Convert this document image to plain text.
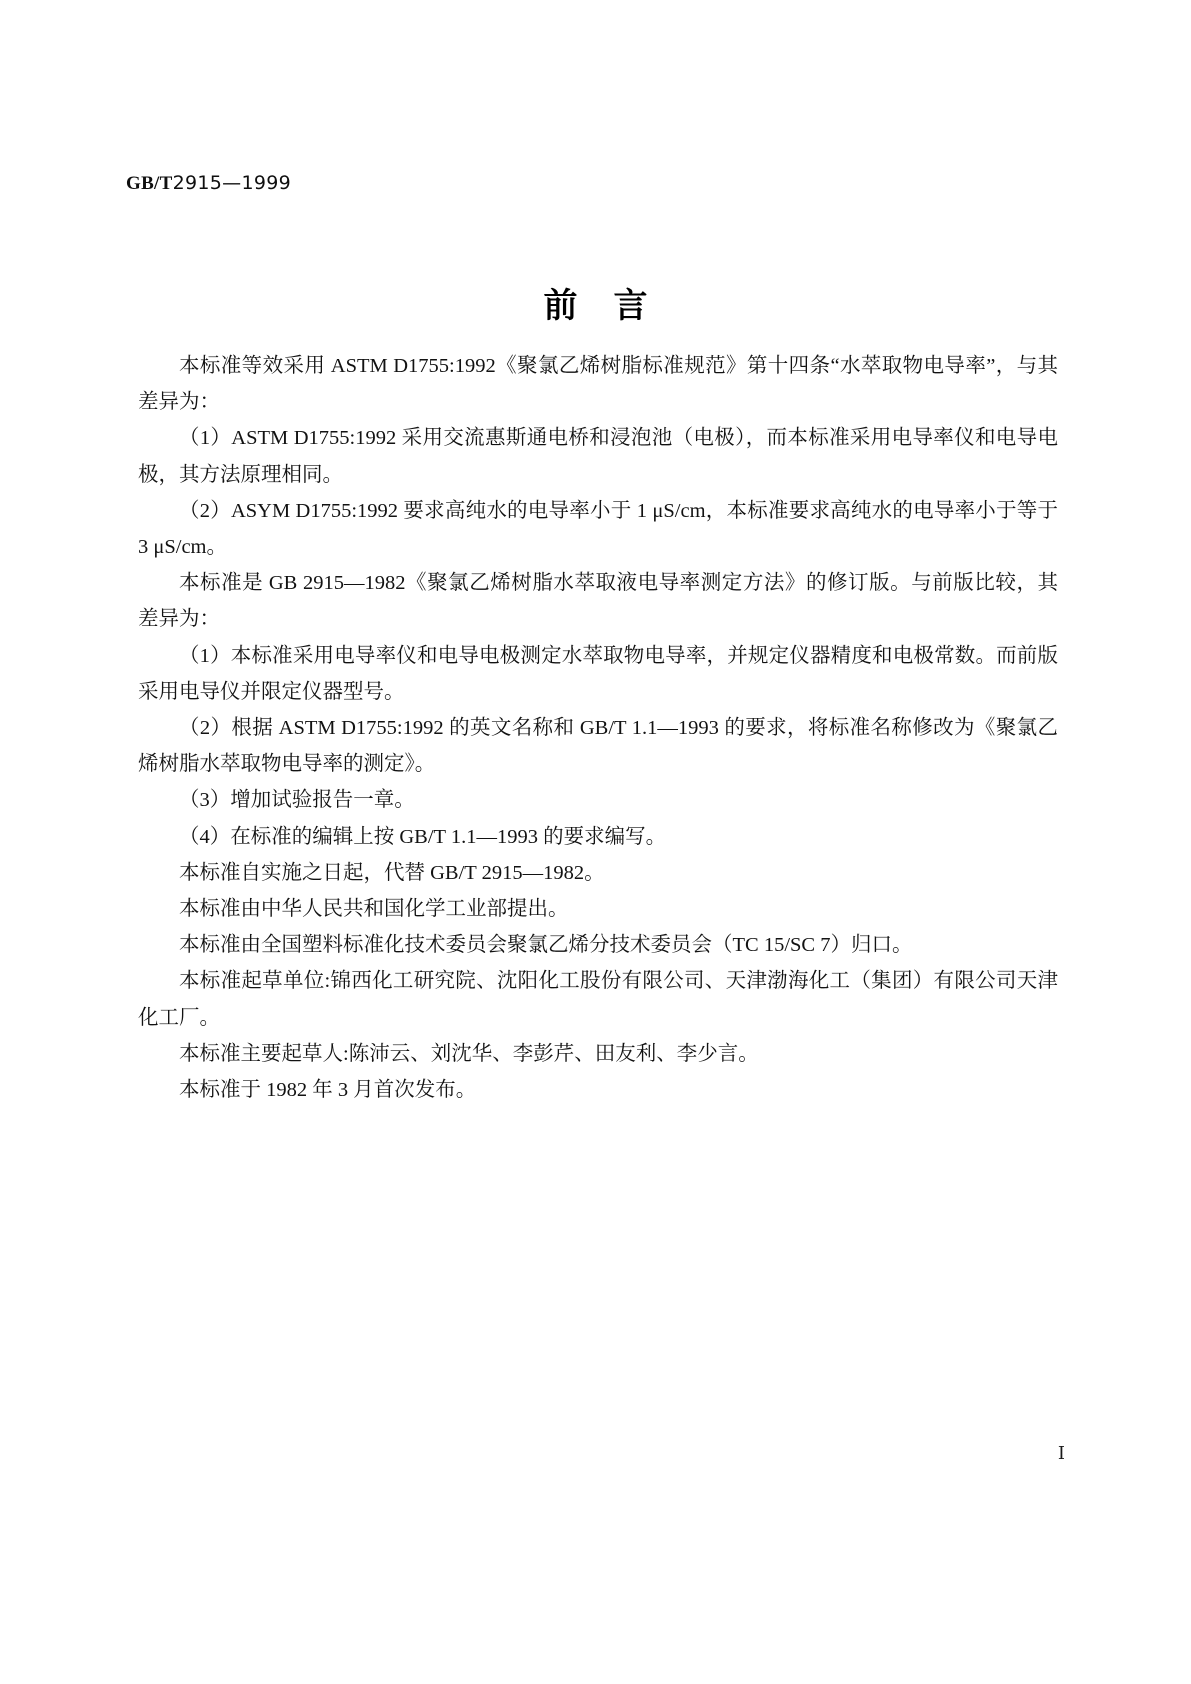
GB/T2915—1999
前言

本标准等效采用 ASTM D1755:1992《聚氯乙烯树脂标准规范》第十四条“水萃取物电导率”，与其差异为：

（1）ASTM D1755:1992 采用交流惠斯通电桥和浸泡池（电极），而本标准采用电导率仪和电导电极，其方法原理相同。

（2）ASYM D1755:1992 要求高纯水的电导率小于 1 μS/cm，本标准要求高纯水的电导率小于等于 3 μS/cm。

本标准是 GB 2915—1982《聚氯乙烯树脂水萃取液电导率测定方法》的修订版。与前版比较，其差异为：

（1）本标准采用电导率仪和电导电极测定水萃取物电导率，并规定仪器精度和电极常数。而前版采用电导仪并限定仪器型号。

（2）根据 ASTM D1755:1992 的英文名称和 GB/T 1.1—1993 的要求，将标准名称修改为《聚氯乙烯树脂水萃取物电导率的测定》。

（3）增加试验报告一章。

（4）在标准的编辑上按 GB/T 1.1—1993 的要求编写。

本标准自实施之日起，代替 GB/T 2915—1982。

本标准由中华人民共和国化学工业部提出。

本标准由全国塑料标准化技术委员会聚氯乙烯分技术委员会（TC 15/SC 7）归口。

本标准起草单位:锦西化工研究院、沈阳化工股份有限公司、天津渤海化工（集团）有限公司天津化工厂。

本标准主要起草人:陈沛云、刘沈华、李彭芹、田友利、李少言。

本标准于 1982 年 3 月首次发布。

Ⅰ
